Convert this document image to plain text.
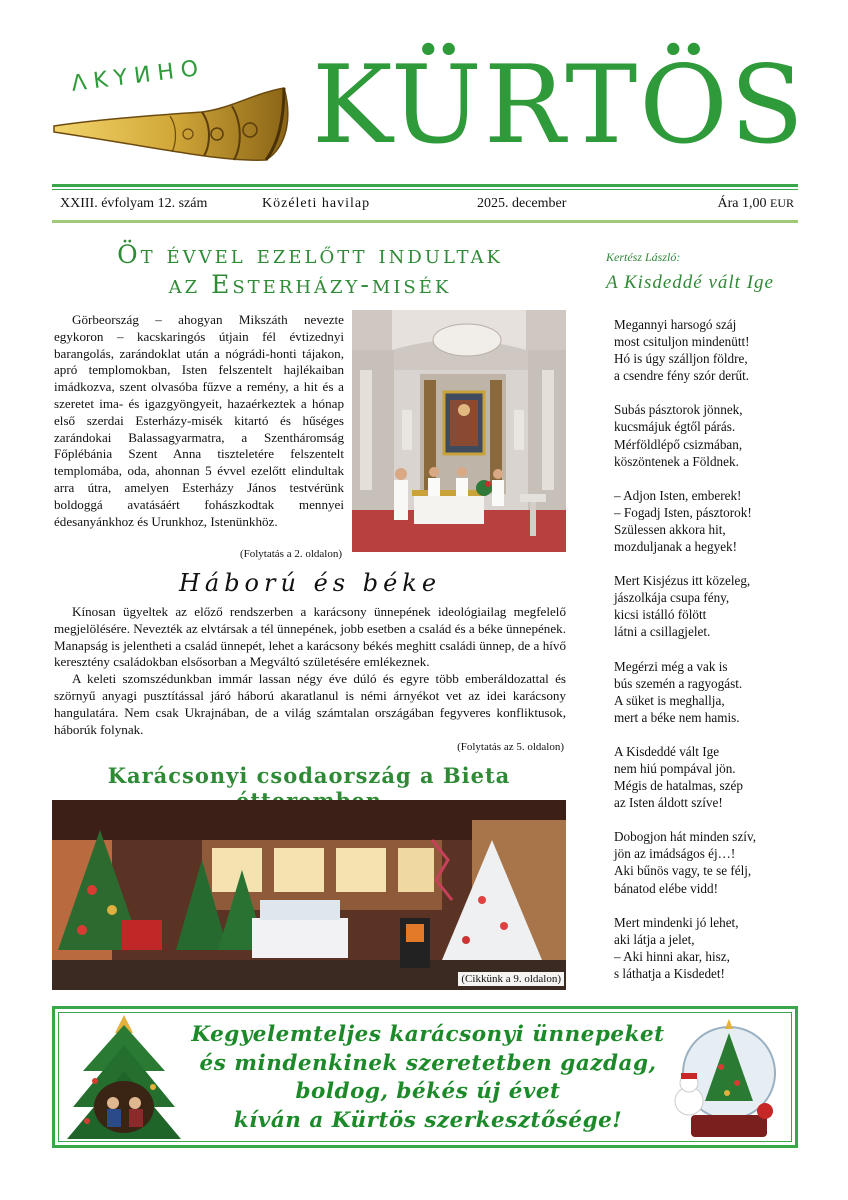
ΛKYИHO KÜRTÖS
XXIII. évfolyam 12. szám	Közéleti havilap	2025. december	Ára 1,00 EUR
Öt évvel ezelőtt indultak
az Esterházy-misék
Görbeország – ahogyan Mikszáth nevezte egykoron – kacskaringós útjain fél évtizednyi barangolás, zarándoklat után a nógrádi-honti tájakon, apró templomokban, Isten felszentelt hajlékaiban imádkozva, szent olvasóba fűzve a remény, a hit és a szeretet ima- és igazgyöngyeit, hazaérkeztek a hónap első szerdai Esterházy-misék kitartó és hűséges zarándokai Balassagyarmatra, a Szentháromság Főplébánia Szent Anna tiszteletére felszentelt templomába, oda, ahonnan 5 évvel ezelőtt elindultak arra útra, amelyen Esterházy János testvérünk boldoggá avatásáért fohászkodtak mennyei édesanyánkhoz és Urunkhoz, Istenünkhöz.
(Folytatás a 2. oldalon)
Háború és béke

Kínosan ügyeltek az előző rendszerben a karácsony ünnepének ideológiailag megfelelő megjelölésére. Nevezték az elvtársak a tél ünnepének, jobb esetben a család és a béke ünnepének. Manapság is jelentheti a család ünnepét, lehet a karácsony békés meghitt családi ünnep, de a hívő keresztény családokban elsősorban a Megváltó születésére emlékeznek.

A keleti szomszédunkban immár lassan négy éve dúló és egyre több emberáldozattal és szörnyű anyagi pusztítással járó háború akaratlanul is némi árnyékot vet az idei karácsony hangulatára. Nem csak Ukrajnában, de a világ számtalan országában fegyveres konfliktusok, háborúk folynak.

(Folytatás az 5. oldalon)
Karácsonyi csodaország a Bieta
(Cikkünk a 9. oldalon)
Kertész László:
A Kisdeddé vált Ige
Megannyi harsogó száj
most csituljon mindenütt!
Hó is úgy szálljon földre,
a csendre fény szór derűt.
Subás pásztorok jönnek,
kucsmájuk égtől párás.
Mérföldlépő csizmában,
köszöntenek a Földnek.
– Adjon Isten, emberek!
– Fogadj Isten, pásztorok!
Szülessen akkora hit,
mozduljanak a hegyek!
Mert Kisjézus itt közeleg,
jászolkája csupa fény,
kicsi istálló fölött
látni a csillagjelet.
Megérzi még a vak is
bús szemén a ragyogást.
A süket is meghallja,
mert a béke nem hamis.
A Kisdeddé vált Ige
nem hiú pompával jön.
Mégis de hatalmas, szép
az Isten áldott szíve!
Dobogjon hát minden szív,
jön az imádságos éj…!
Aki bűnös vagy, te se félj,
bánatod elébe vidd!
Mert mindenki jó lehet,
aki látja a jelet,
– Aki hinni akar, hisz,
s láthatja a Kisdedet!
Kegyelemteljes karácsonyi ünnepeket
és mindenkinek szeretetben gazdag,
boldog, békés új évet
kíván a Kürtös szerkesztősége!
